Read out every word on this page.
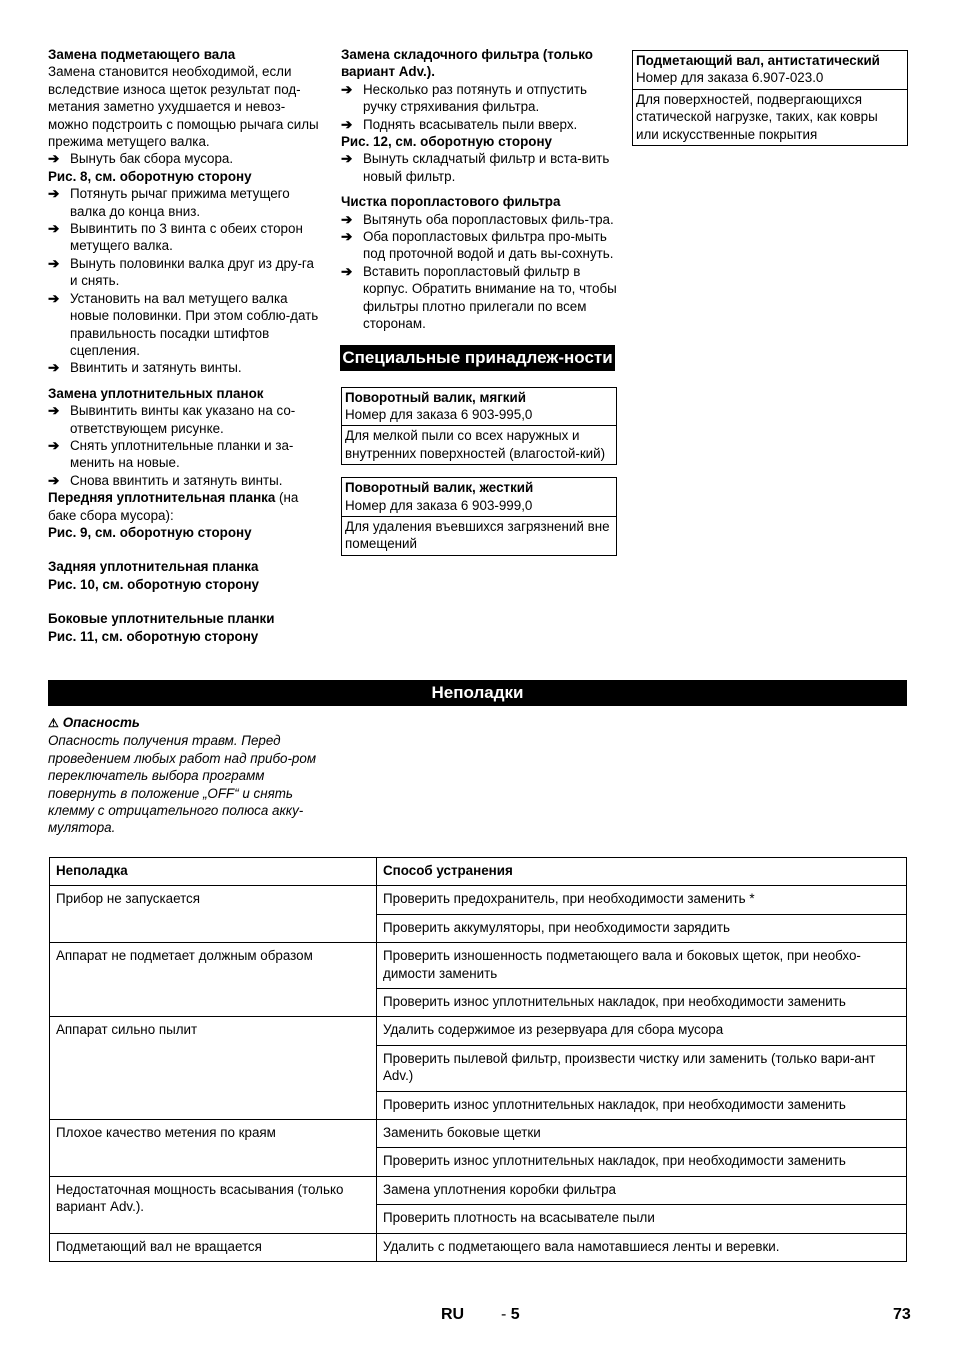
Замена подметающего вала

Замена становится необходимой, если вследствие износа щеток результат под-метания заметно ухудшается и невоз-можно подстроить с помощью рычага силы прежима метущего валка.

➔ Вынуть бак сбора мусора.

Рис. 8, см. оборотную сторону

➔ Потянуть рычаг прижима метущего валка до конца вниз.
➔ Вывинтить по 3 винта с обеих сторон метущего валка.
➔ Вынуть половинки валка друг из дру-га и снять.
➔ Установить на вал метущего валка новые половинки. При этом соблю-дать правильность посадки штифтов сцепления.
➔ Ввинтить и затянуть винты.

Замена уплотнительных планок

➔ Вывинтить винты как указано на со-ответствующем рисунке.
➔ Снять уплотнительные планки и за-менить на новые.
➔ Снова ввинтить и затянуть винты.

Передняя уплотнительная планка (на баке сбора мусора):

Рис. 9, см. оборотную сторону

Задняя уплотнительная планка

Рис. 10, см. оборотную сторону

Боковые уплотнительные планки

Рис. 11, см. оборотную сторону

Замена складочного фильтра (только вариант Adv.).

➔ Несколько раз потянуть и отпустить ручку стряхивания фильтра.
➔ Поднять всасыватель пыли вверх.

Рис. 12, см. оборотную сторону

➔ Вынуть складчатый фильтр и вста-вить новый фильтр.

Чистка поропластового фильтра

➔ Вытянуть оба поропластовых филь-тра.
➔ Оба поропластовых фильтра про-мыть под проточной водой и дать вы-сохнуть.
➔ Вставить поропластовый фильтр в корпус. Обратить внимание на то, чтобы фильтры плотно прилегали по всем сторонам.
Специальные принадлеж-ности
Поворотный валик, мягкий
Номер для заказа 6 903-995,0
Для мелкой пыли со всех наружных и внутренних поверхностей (влагостой-кий)
Поворотный валик, жесткий
Номер для заказа 6 903-999,0
Для удаления въевшихся загрязнений вне помещений
Подметающий вал, антистатический
Номер для заказа 6.907-023.0
Для поверхностей, подвергающихся статической нагрузке, таких, как ковры или искусственные покрытия
Неполадки

⚠ Опасность

Опасность получения травм. Перед проведением любых работ над прибо-ром переключатель выбора программ повернуть в положение „OFF“ и снять клемму с отрицательного полюса акку-мулятора.

Неполадка	Способ устранения
Прибор не запускается	Проверить предохранитель, при необходимости заменить *
	Проверить аккумуляторы, при необходимости зарядить
Аппарат не подметает должным образом	Проверить изношенность подметающего вала и боковых щеток, при необхо-димости заменить
	Проверить износ уплотнительных накладок, при необходимости заменить
Аппарат сильно пылит	Удалить содержимое из резервуара для сбора мусора
	Проверить пылевой фильтр, произвести чистку или заменить (только вари-ант Adv.)
	Проверить износ уплотнительных накладок, при необходимости заменить
Плохое качество метения по краям	Заменить боковые щетки
	Проверить износ уплотнительных накладок, при необходимости заменить
Недостаточная мощность всасывания (только вариант Adv.).	Замена уплотнения коробки фильтра
	Проверить плотность на всасывателе пыли
Подметающий вал не вращается	Удалить с подметающего вала намотавшиеся ленты и веревки.
RU - 5	73
